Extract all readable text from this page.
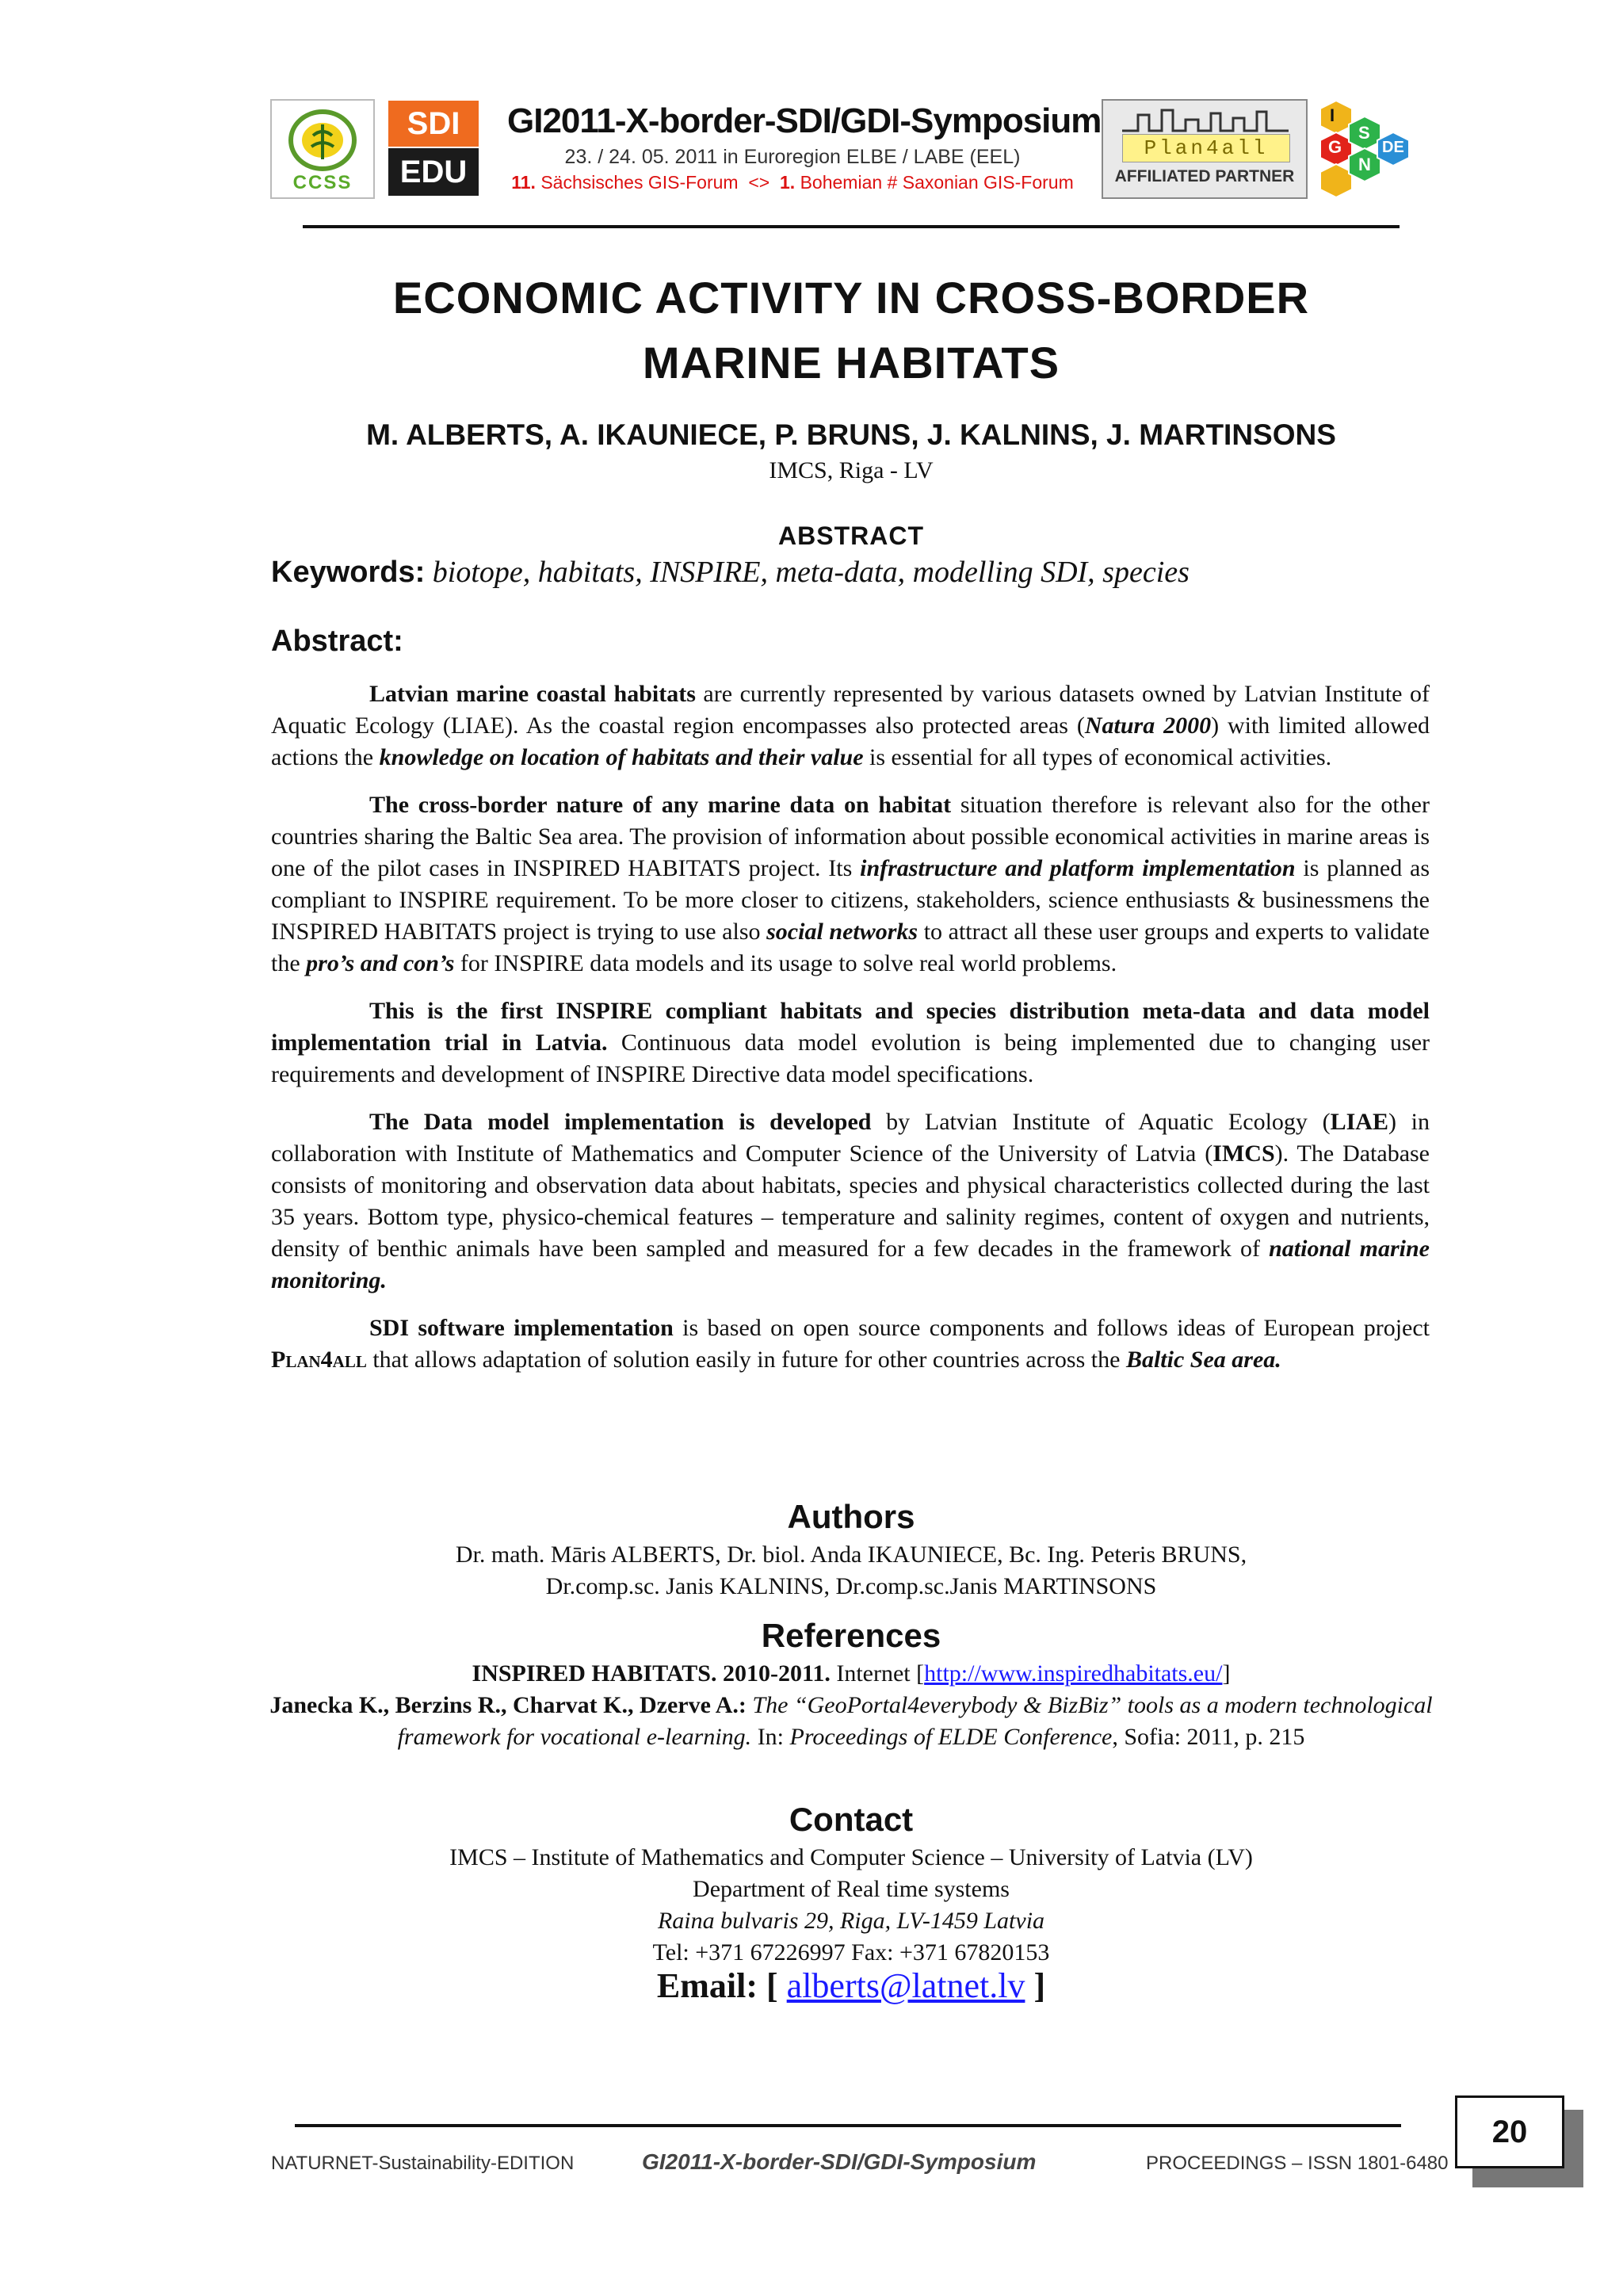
CCSS
SDI
EDU
GI2011-X-border-SDI/GDI-Symposium
23. / 24. 05. 2011 in Euroregion ELBE / LABE (EEL)
11. Sächsisches GIS-Forum  <>  1. Bohemian # Saxonian GIS-Forum
Plan4all
AFFILIATED PARTNER
I
G
N
S
DE
ECONOMIC ACTIVITY IN CROSS-BORDER
MARINE HABITATS
M. ALBERTS, A. IKAUNIECE, P. BRUNS, J. KALNINS, J. MARTINSONS
IMCS, Riga - LV
ABSTRACT
Keywords: biotope, habitats, INSPIRE, meta-data, modelling SDI, species
Abstract:

Latvian marine coastal habitats are currently represented by various datasets owned by Latvian Institute of Aquatic Ecology (LIAE). As the coastal region encompasses also protected areas (Natura 2000) with limited allowed actions the knowledge on location of habitats and their value is essential for all types of economical activities.

The cross-border nature of any marine data on habitat situation therefore is relevant also for the other countries sharing the Baltic Sea area. The provision of information about possible economical activities in marine areas is one of the pilot cases in INSPIRED HABITATS project. Its infrastructure and platform implementation is planned as compliant to INSPIRE requirement. To be more closer to citizens, stakeholders, science enthusiasts & businessmens the INSPIRED HABITATS project is trying to use also social networks to attract all these user groups and experts to validate the pro’s and con’s for INSPIRE data models and its usage to solve real world problems.

This is the first INSPIRE compliant habitats and species distribution meta-data and data model implementation trial in Latvia. Continuous data model evolution is being implemented due to changing user requirements and development of INSPIRE Directive data model specifications.

The Data model implementation is developed by Latvian Institute of Aquatic Ecology (LIAE) in collaboration with Institute of Mathematics and Computer Science of the University of Latvia (IMCS). The Database consists of monitoring and observation data about habitats, species and physical characteristics collected during the last 35 years. Bottom type, physico-chemical features – temperature and salinity regimes, content of oxygen and nutrients, density of benthic animals have been sampled and measured for a few decades in the framework of national marine monitoring.

SDI software implementation is based on open source components and follows ideas of European project Plan4all that allows adaptation of solution easily in future for other countries across the Baltic Sea area.

Authors
Dr. math. Māris ALBERTS, Dr. biol. Anda IKAUNIECE, Bc. Ing. Peteris BRUNS,
Dr.comp.sc. Janis KALNINS, Dr.comp.sc.Janis MARTINSONS
References
INSPIRED HABITATS. 2010-2011. Internet [http://www.inspiredhabitats.eu/]
Janecka K., Berzins R., Charvat K., Dzerve A.: The “GeoPortal4everybody & BizBiz” tools as a modern technological framework for vocational e-learning. In: Proceedings of ELDE Conference, Sofia: 2011, p. 215
Contact
IMCS – Institute of Mathematics and Computer Science – University of Latvia (LV)
Department of Real time systems
Raina bulvaris 29, Riga, LV-1459 Latvia
Tel: +371 67226997 Fax: +371 67820153
Email: [ alberts@latnet.lv ]
NATURNET-Sustainability-EDITION	GI2011-X-border-SDI/GDI-Symposium	PROCEEDINGS – ISSN 1801-6480
20
